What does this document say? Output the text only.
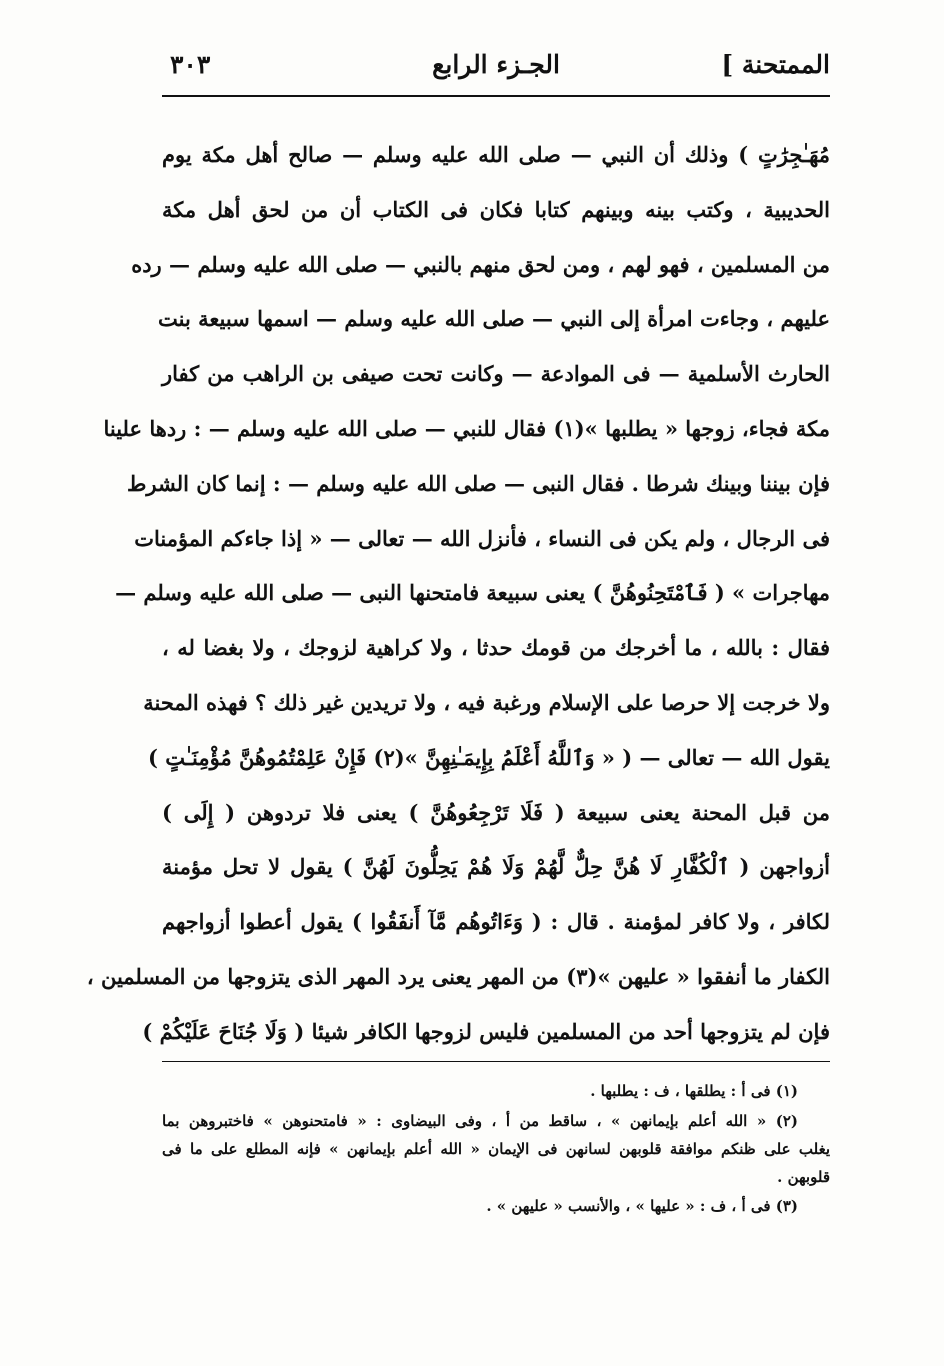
الممتحنة ]
الجـزء الرابع
٣٠٣
مُهَـٰجِرَٰتٍ ) وذلك أن النبي — صلى الله عليه وسلم — صالح أهل مكة يوم
الحديبية ، وكتب بينه وبينهم كتابا فكان فى الكتاب أن من لحق أهل مكة
من المسلمين ، فهو لهم ، ومن لحق منهم بالنبي — صلى الله عليه وسلم — رده
عليهم ، وجاءت امرأة إلى النبي — صلى الله عليه وسلم — اسمها سبيعة بنت
الحارث الأسلمية — فى الموادعة — وكانت تحت صيفى بن الراهب من كفار
مكة فجاء، زوجها « يطلبها »(١) فقال للنبي — صلى الله عليه وسلم — : ردها علينا
فإن بيننا وبينك شرطا . فقال النبى — صلى الله عليه وسلم — : إنما كان الشرط
فى الرجال ، ولم يكن فى النساء ، فأنزل الله — تعالى — « إذا جاءكم المؤمنات
مهاجرات » ( فَٱمْتَحِنُوهُنَّ ) يعنى سبيعة فامتحنها النبى — صلى الله عليه وسلم —
فقال : بالله ، ما أخرجك من قومك حدثا ، ولا كراهية لزوجك ، ولا بغضا له ،
ولا خرجت إلا حرصا على الإسلام ورغبة فيه ، ولا تريدين غير ذلك ؟ فهذه المحنة
يقول الله — تعالى — ( « وَٱللَّهُ أَعْلَمُ بِإِيمَـٰنِهِنَّ »(٢) فَإِنْ عَلِمْتُمُوهُنَّ مُؤْمِنَـٰتٍ )
من قبل المحنة يعنى سبيعة ( فَلَا تَرْجِعُوهُنَّ ) يعنى فلا تردوهن ( إِلَى )
أزواجهن ( ٱلْكُفَّارِ لَا هُنَّ حِلٌّ لَّهُمْ وَلَا هُمْ يَحِلُّونَ لَهُنَّ ) يقول لا تحل مؤمنة
لكافر ، ولا كافر لمؤمنة . قال : ( وَءَاتُوهُم مَّآ أَنفَقُوا ) يقول أعطوا أزواجهم
الكفار ما أنفقوا « عليهن »(٣) من المهر يعنى يرد المهر الذى يتزوجها من المسلمين ،
فإن لم يتزوجها أحد من المسلمين فليس لزوجها الكافر شيئا ( وَلَا جُنَاحَ عَلَيْكُمْ )
(١) فى أ : يطلقها ، ف : يطلبها .
(٢) « الله أعلم بإيمانهن » ، ساقط من أ ، وفى البيضاوى : « فامتحنوهن » فاختبروهن بما
يغلب على ظنكم موافقة قلوبهن لسانهن فى الإيمان « الله أعلم بإيمانهن » فإنه المطلع على ما فى
قلوبهن .
(٣) فى أ ، ف : « عليها » ، والأنسب « عليهن » .
